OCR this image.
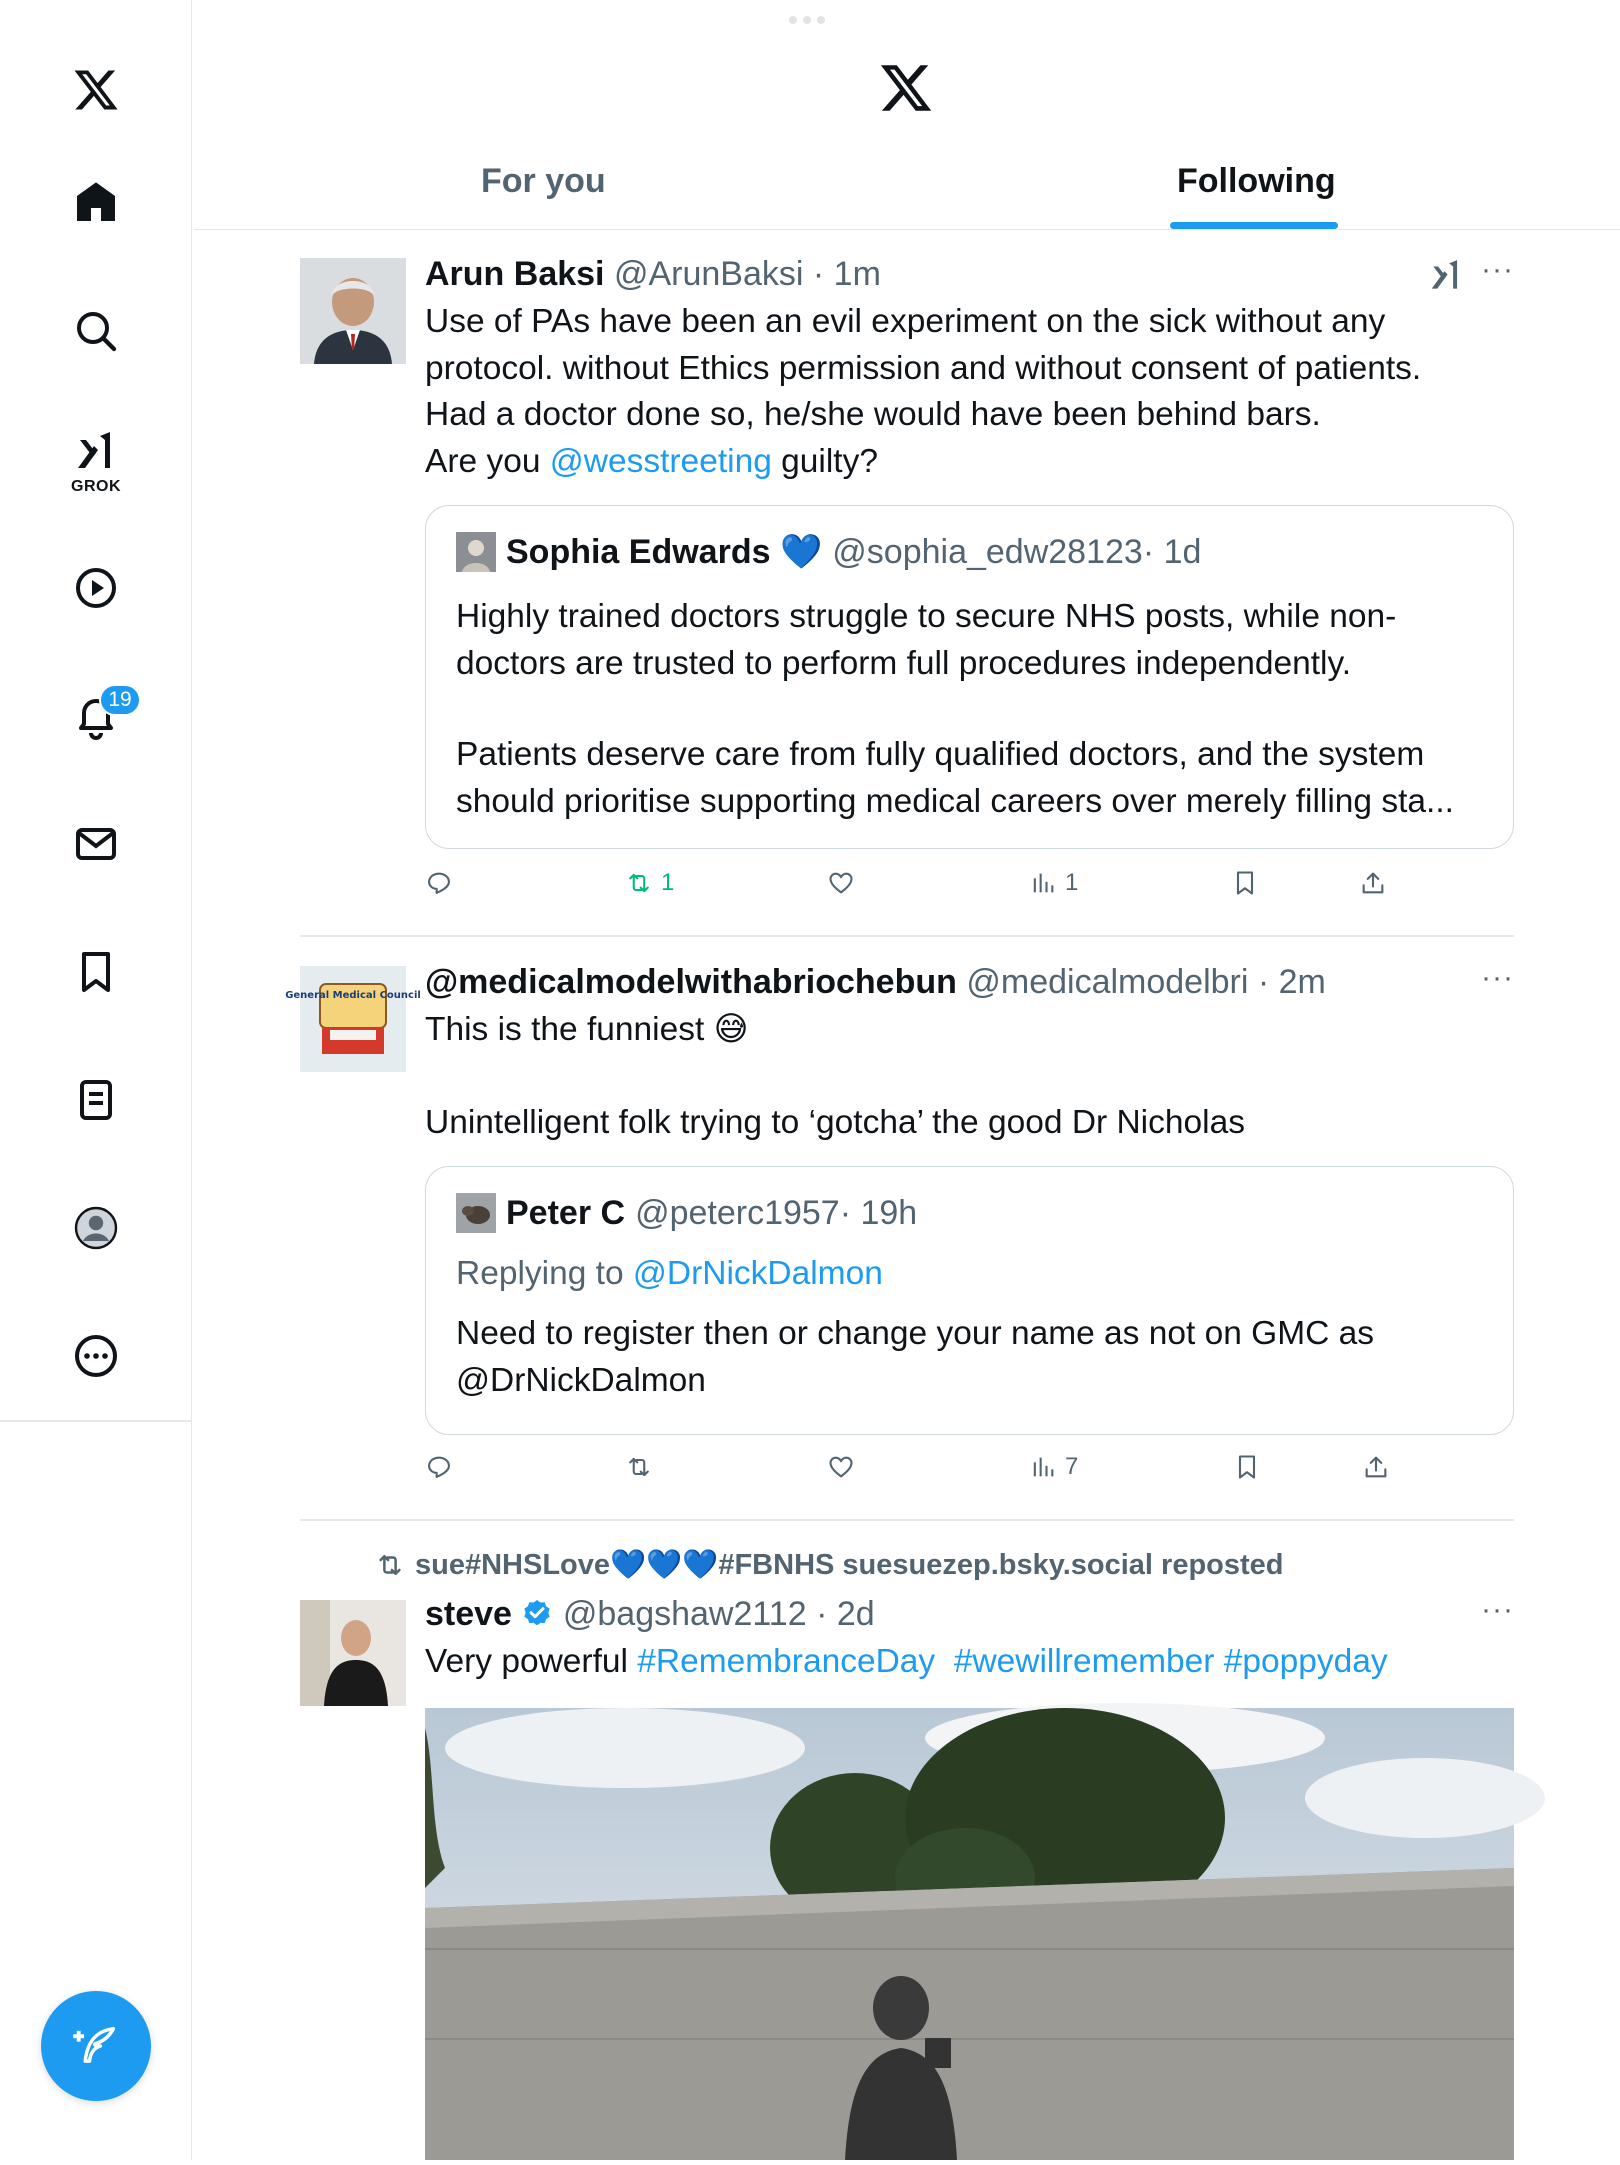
GROK
19
For you	Following
Arun Baksi @ArunBaksi · 1m	···
Use of PAs have been an evil experiment on the sick without any
protocol. without Ethics permission and without consent of patients.
Had a doctor done so, he/she would have been behind bars.
Are you @wesstreeting guilty?
Sophia Edwards 💙 @sophia_edw28123 · 1d
Highly trained doctors struggle to secure NHS posts, while non-doctors are trusted to perform full procedures independently.
Patients deserve care from fully qualified doctors, and the system should prioritise supporting medical careers over merely filling sta...
1	1
General Medical Council @medicalmodelwithabriochebun @medicalmodelbri · 2m	···
This is the funniest 😅
Unintelligent folk trying to ‘gotcha’ the good Dr Nicholas
Peter C @peterc1957 · 19h
Replying to @DrNickDalmon
Need to register then or change your name as not on GMC as @DrNickDalmon
7
sue#NHSLove💙💙💙#FBNHS suesuezep.bsky.social reposted
steve @bagshaw2112 · 2d	···
Very powerful #RemembranceDay #wewillremember #poppyday
